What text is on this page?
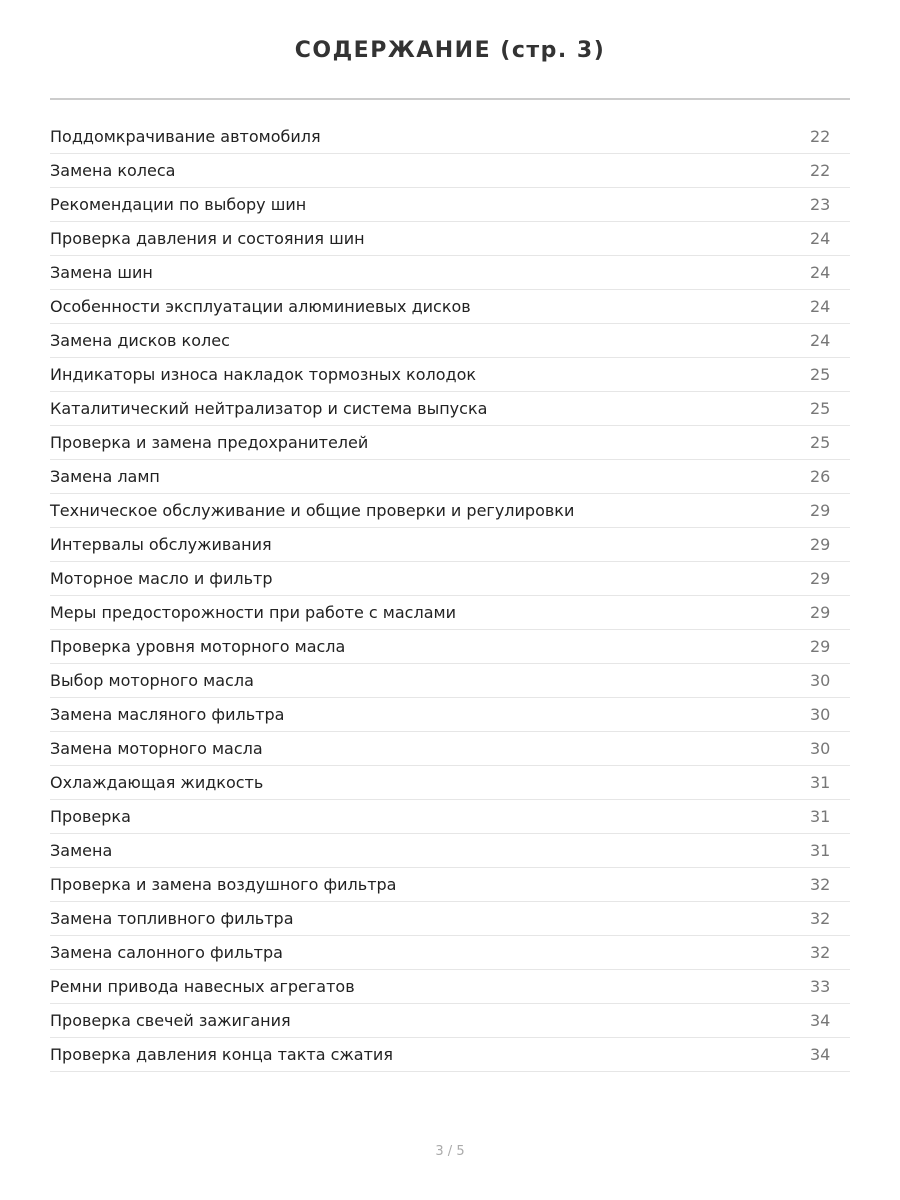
СОДЕРЖАНИЕ (стр. 3)
Поддомкрачивание автомобиля	22
Замена колеса	22
Рекомендации по выбору шин	23
Проверка давления и состояния шин	24
Замена шин	24
Особенности эксплуатации алюминиевых дисков	24
Замена дисков колес	24
Индикаторы износа накладок тормозных колодок	25
Каталитический нейтрализатор и система выпуска	25
Проверка и замена предохранителей	25
Замена ламп	26
Техническое обслуживание и общие проверки и регулировки	29
Интервалы обслуживания	29
Моторное масло и фильтр	29
Меры предосторожности при работе с маслами	29
Проверка уровня моторного масла	29
Выбор моторного масла	30
Замена масляного фильтра	30
Замена моторного масла	30
Охлаждающая жидкость	31
Проверка	31
Замена	31
Проверка и замена воздушного фильтра	32
Замена топливного фильтра	32
Замена салонного фильтра	32
Ремни привода навесных агрегатов	33
Проверка свечей зажигания	34
Проверка давления конца такта сжатия	34
3 / 5
